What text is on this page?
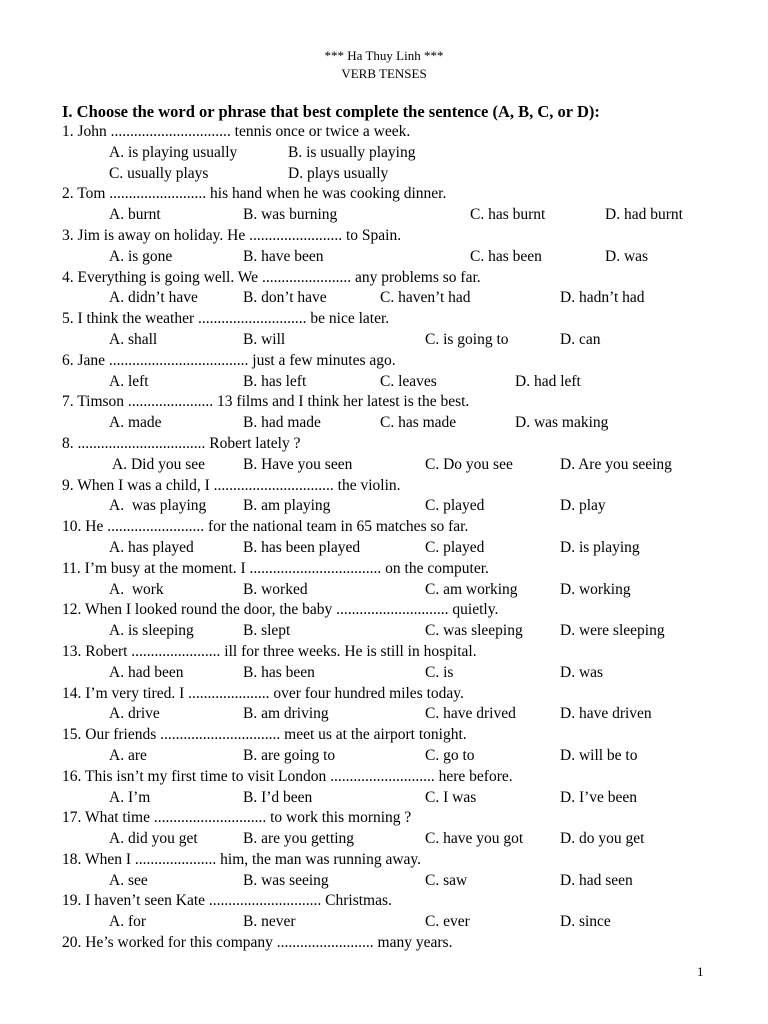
*** Ha Thuy Linh ***
VERB TENSES
I. Choose the word or phrase that best complete the sentence (A, B, C, or D):
1. John ............................... tennis once or twice a week.
A. is playing usually	B. is usually playing
C. usually plays	D. plays usually
2. Tom ......................... his hand when he was cooking dinner.
A. burnt	B. was burning	C. has burnt	D. had burnt
3. Jim is away on holiday. He ........................ to Spain.
A. is gone	B. have been	C. has been	D. was
4. Everything is going well. We ....................... any problems so far.
A. didn’t have	B. don’t have	C. haven’t had	D. hadn’t had
5. I think the weather ............................ be nice later.
A. shall	B. will	C. is going to	D. can
6. Jane .................................... just a few minutes ago.
A. left	B. has left	C. leaves	D. had left
7. Timson ...................... 13 films and I think her latest is the best.
A. made	B. had made	C. has made	D. was making
8. ................................. Robert lately ?
A. Did you see B. Have you seen	C. Do you see	D. Are you seeing
9. When I was a child, I ............................... the violin.
A.  was playing B. am playing	C. played	D. play
10. He ......................... for the national team in 65 matches so far.
A. has played	B. has been played	C. played	D. is playing
11. I’m busy at the moment. I .................................. on the computer.
A.  work	B. worked	C. am working	D. working
12. When I looked round the door, the baby ............................. quietly.
A. is sleeping	B. slept	C. was sleeping D. were sleeping
13. Robert ....................... ill for three weeks. He is still in hospital.
A. had been	B. has been	C. is	D. was
14. I’m very tired. I ..................... over four hundred miles today.
A. drive	B. am driving	C. have drived	D. have driven
15. Our friends ............................... meet us at the airport tonight.
A. are	B. are going to	C. go to	D. will be to
16. This isn’t my first time to visit London ........................... here before.
A. I’m	B. I’d been	C. I was	D. I’ve been
17. What time ............................. to work this morning ?
A. did you get	B. are you getting	C. have you got D. do you get
18. When I ..................... him, the man was running away.
A. see	B. was seeing	C. saw	D. had seen
19. I haven’t seen Kate ............................. Christmas.
A. for	B. never	C. ever	D. since
20. He’s worked for this company ......................... many years.
1
